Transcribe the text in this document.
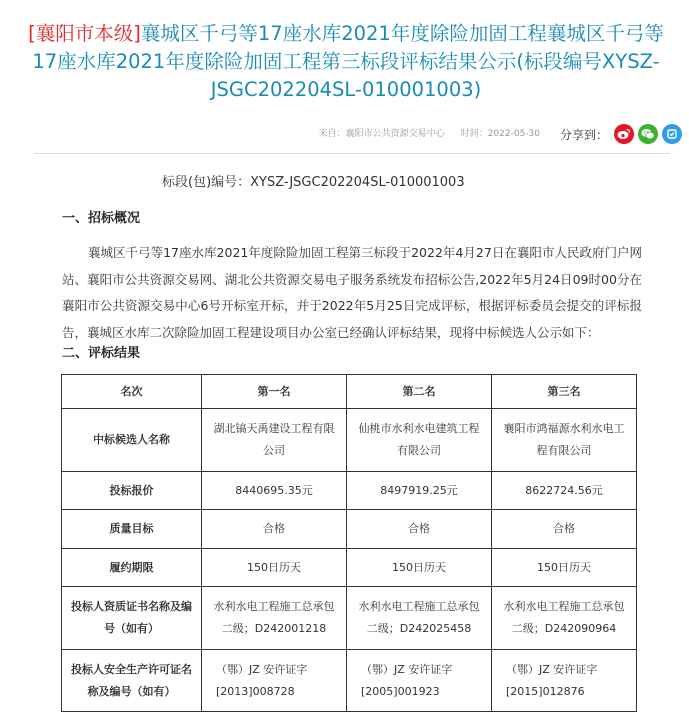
[襄阳市本级]襄城区千弓等17座水库2021年度除险加固工程襄城区千弓等17座水库2021年度除险加固工程第三标段评标结果公示(标段编号XYSZ-JSGC202204SL-010001003)
来自：襄阳市公共资源交易中心 时间：2022-05-30 分享到：
标段(包)编号：XYSZ-JSGC202204SL-010001003
一、招标概况

襄城区千弓等17座水库2021年度除险加固工程第三标段于2022年4月27日在襄阳市人民政府门户网站、襄阳市公共资源交易网、湖北公共资源交易电子服务系统发布招标公告,2022年5月24日09时00分在襄阳市公共资源交易中心6号开标室开标，并于2022年5月25日完成评标，根据评标委员会提交的评标报告，襄城区水库二次除险加固工程建设项目办公室已经确认评标结果，现将中标候选人公示如下：

二、评标结果
名次	第一名	第二名	第三名
中标候选人名称	湖北镐天禹建设工程有限公司	仙桃市水利水电建筑工程有限公司	襄阳市鸿福源水利水电工程有限公司
投标报价	8440695.35元	8497919.25元	8622724.56元
质量目标	合格	合格	合格
履约期限	150日历天	150日历天	150日历天
投标人资质证书名称及编号（如有）	水利水电工程施工总承包二级；D242001218	水利水电工程施工总承包二级；D242025458	水利水电工程施工总承包二级；D242090964
投标人安全生产许可证名称及编号（如有）	（鄂）JZ 安许证字[2013]008728	（鄂）JZ 安许证字[2005]001923	（鄂）JZ 安许证字[2015]012876
